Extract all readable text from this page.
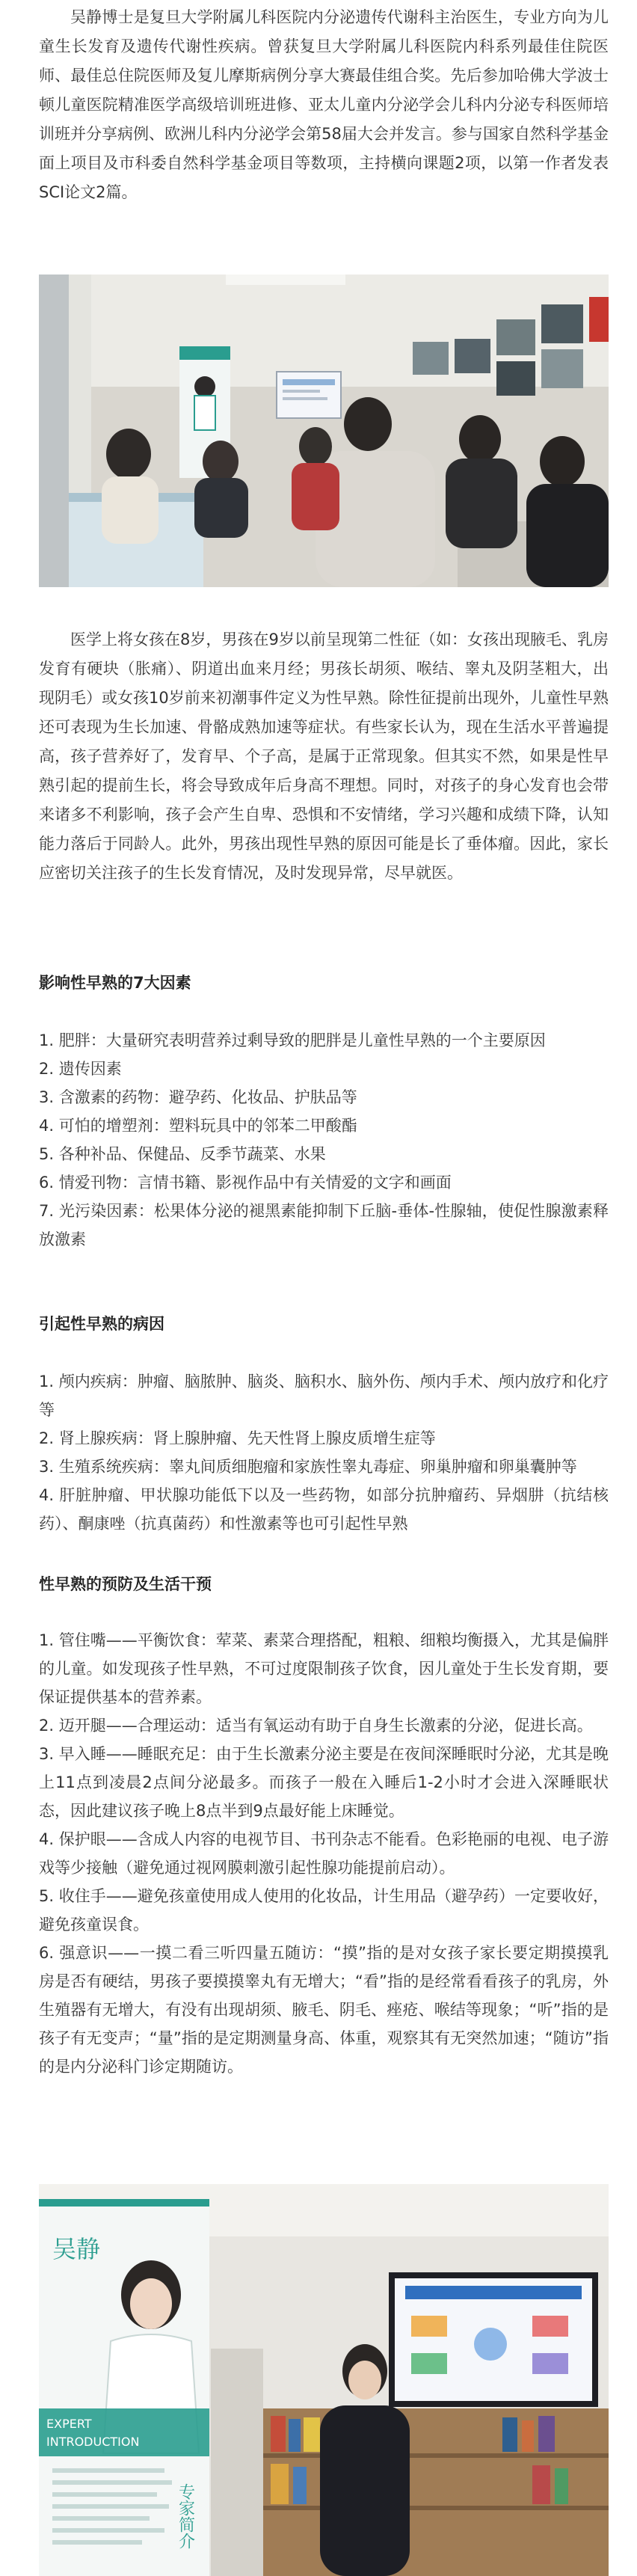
吴静博士是复旦大学附属儿科医院内分泌遗传代谢科主治医生，专业方向为儿童生长发育及遗传代谢性疾病。曾获复旦大学附属儿科医院内科系列最佳住院医师、最佳总住院医师及复儿摩斯病例分享大赛最佳组合奖。先后参加哈佛大学波士顿儿童医院精准医学高级培训班进修、亚太儿童内分泌学会儿科内分泌专科医师培训班并分享病例、欧洲儿科内分泌学会第58届大会并发言。参与国家自然科学基金面上项目及市科委自然科学基金项目等数项，主持横向课题2项，以第一作者发表SCI论文2篇。

医学上将女孩在8岁，男孩在9岁以前呈现第二性征（如：女孩出现腋毛、乳房发育有硬块（胀痛）、阴道出血来月经；男孩长胡须、喉结、睾丸及阴茎粗大，出现阴毛）或女孩10岁前来初潮事件定义为性早熟。除性征提前出现外，儿童性早熟还可表现为生长加速、骨骼成熟加速等症状。有些家长认为，现在生活水平普遍提高，孩子营养好了，发育早、个子高，是属于正常现象。但其实不然，如果是性早熟引起的提前生长，将会导致成年后身高不理想。同时，对孩子的身心发育也会带来诸多不利影响，孩子会产生自卑、恐惧和不安情绪，学习兴趣和成绩下降，认知能力落后于同龄人。此外，男孩出现性早熟的原因可能是长了垂体瘤。因此，家长应密切关注孩子的生长发育情况，及时发现异常，尽早就医。

影响性早熟的7大因素

1. 肥胖：大量研究表明营养过剩导致的肥胖是儿童性早熟的一个主要原因
2. 遗传因素
3. 含激素的药物：避孕药、化妆品、护肤品等
4. 可怕的增塑剂：塑料玩具中的邻苯二甲酸酯
5. 各种补品、保健品、反季节蔬菜、水果
6. 情爱刊物：言情书籍、影视作品中有关情爱的文字和画面
7. 光污染因素：松果体分泌的褪黑素能抑制下丘脑-垂体-性腺轴，使促性腺激素释放激素

引起性早熟的病因

1. 颅内疾病：肿瘤、脑脓肿、脑炎、脑积水、脑外伤、颅内手术、颅内放疗和化疗等
2. 肾上腺疾病：肾上腺肿瘤、先天性肾上腺皮质增生症等
3. 生殖系统疾病：睾丸间质细胞瘤和家族性睾丸毒症、卵巢肿瘤和卵巢囊肿等
4. 肝脏肿瘤、甲状腺功能低下以及一些药物，如部分抗肿瘤药、异烟肼（抗结核药）、酮康唑（抗真菌药）和性激素等也可引起性早熟

性早熟的预防及生活干预

1. 管住嘴——平衡饮食：荤菜、素菜合理搭配，粗粮、细粮均衡摄入，尤其是偏胖的儿童。如发现孩子性早熟，不可过度限制孩子饮食，因儿童处于生长发育期，要保证提供基本的营养素。
2. 迈开腿——合理运动：适当有氧运动有助于自身生长激素的分泌，促进长高。
3. 早入睡——睡眠充足：由于生长激素分泌主要是在夜间深睡眠时分泌，尤其是晚上11点到凌晨2点间分泌最多。而孩子一般在入睡后1-2小时才会进入深睡眠状态，因此建议孩子晚上8点半到9点最好能上床睡觉。
4. 保护眼——含成人内容的电视节目、书刊杂志不能看。色彩艳丽的电视、电子游戏等少接触（避免通过视网膜刺激引起性腺功能提前启动）。
5. 收住手——避免孩童使用成人使用的化妆品，计生用品（避孕药）一定要收好，避免孩童误食。
6. 强意识——一摸二看三听四量五随访：“摸”指的是对女孩子家长要定期摸摸乳房是否有硬结，男孩子要摸摸睾丸有无增大；“看”指的是经常看看孩子的乳房，外生殖器有无增大，有没有出现胡须、腋毛、阴毛、痤疮、喉结等现象；“听”指的是孩子有无变声；“量”指的是定期测量身高、体重，观察其有无突然加速；“随访”指的是内分泌科门诊定期随访。
吴静
EXPERT
INTRODUCTION
专家简介
